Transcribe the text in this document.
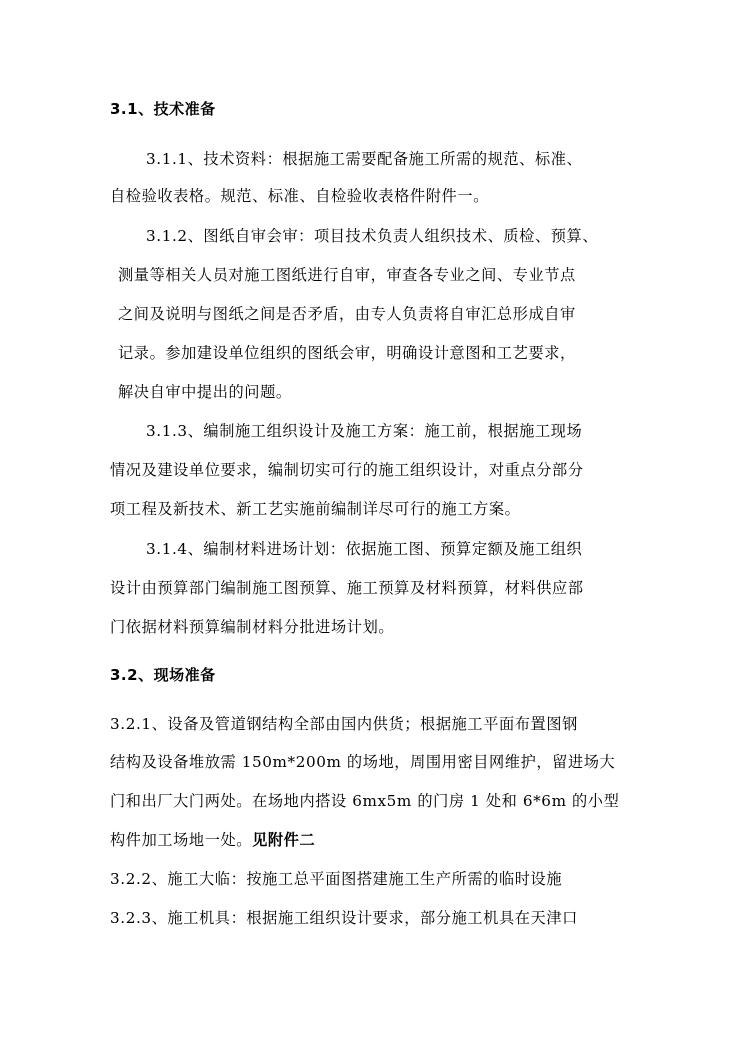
3.1、技术准备
3.1.1、技术资料：根据施工需要配备施工所需的规范、标准、
自检验收表格。规范、标准、自检验收表格件附件一。
3.1.2、图纸自审会审：项目技术负责人组织技术、质检、预算、
测量等相关人员对施工图纸进行自审，审查各专业之间、专业节点
之间及说明与图纸之间是否矛盾，由专人负责将自审汇总形成自审
记录。参加建设单位组织的图纸会审，明确设计意图和工艺要求，
解决自审中提出的问题。
3.1.3、编制施工组织设计及施工方案：施工前，根据施工现场
情况及建设单位要求，编制切实可行的施工组织设计，对重点分部分
项工程及新技术、新工艺实施前编制详尽可行的施工方案。
3.1.4、编制材料进场计划：依据施工图、预算定额及施工组织
设计由预算部门编制施工图预算、施工预算及材料预算，材料供应部
门依据材料预算编制材料分批进场计划。
3.2、现场准备
3.2.1、设备及管道钢结构全部由国内供货；根据施工平面布置图钢
结构及设备堆放需 150m*200m 的场地，周围用密目网维护，留进场大
门和出厂大门两处。在场地内搭设 6mx5m 的门房 1 处和 6*6m 的小型
构件加工场地一处。见附件二
3.2.2、施工大临：按施工总平面图搭建施工生产所需的临时设施
3.2.3、施工机具：根据施工组织设计要求，部分施工机具在天津口
